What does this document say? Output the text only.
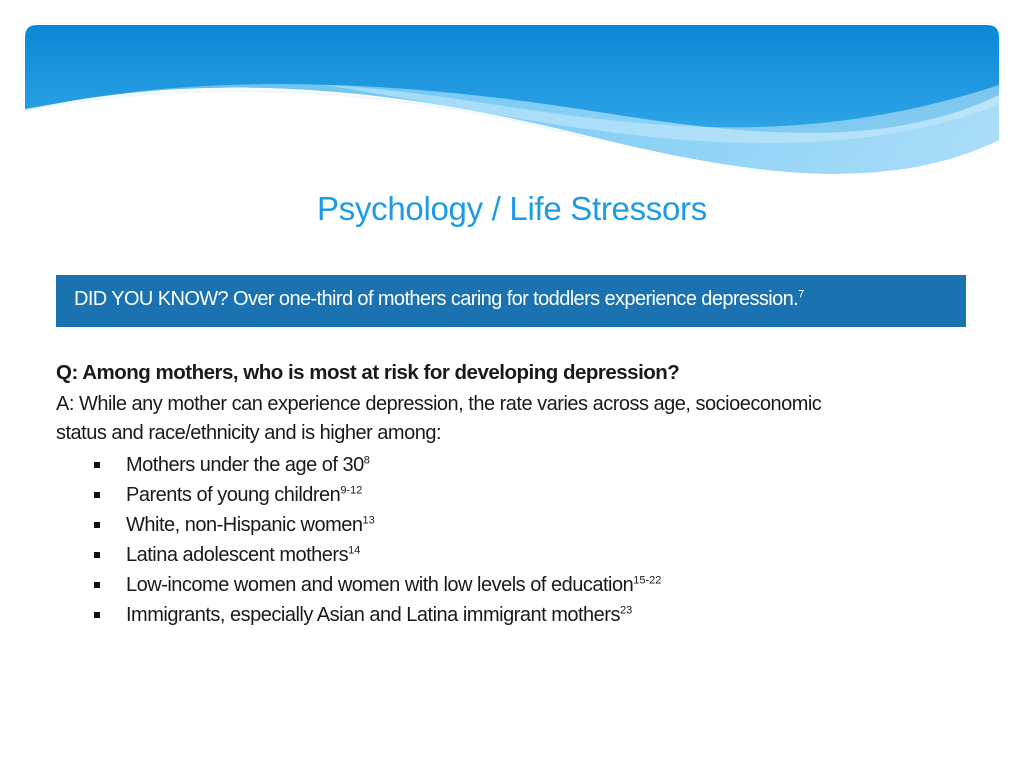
Psychology / Life Stressors
DID YOU KNOW? Over one-third of mothers caring for toddlers experience depression.$^7$
Q: Among mothers, who is most at risk for developing depression?
A: While any mother can experience depression, the rate varies across age, socioeconomic
status and race/ethnicity and is higher among:
Mothers under the age of 30$^8$
Parents of young children$^{9-12}$
White, non-Hispanic women$^{13}$
Latina adolescent mothers$^{14}$
Low-income women and women with low levels of education$^{15-22}$
Immigrants, especially Asian and Latina immigrant mothers$^{23}$
